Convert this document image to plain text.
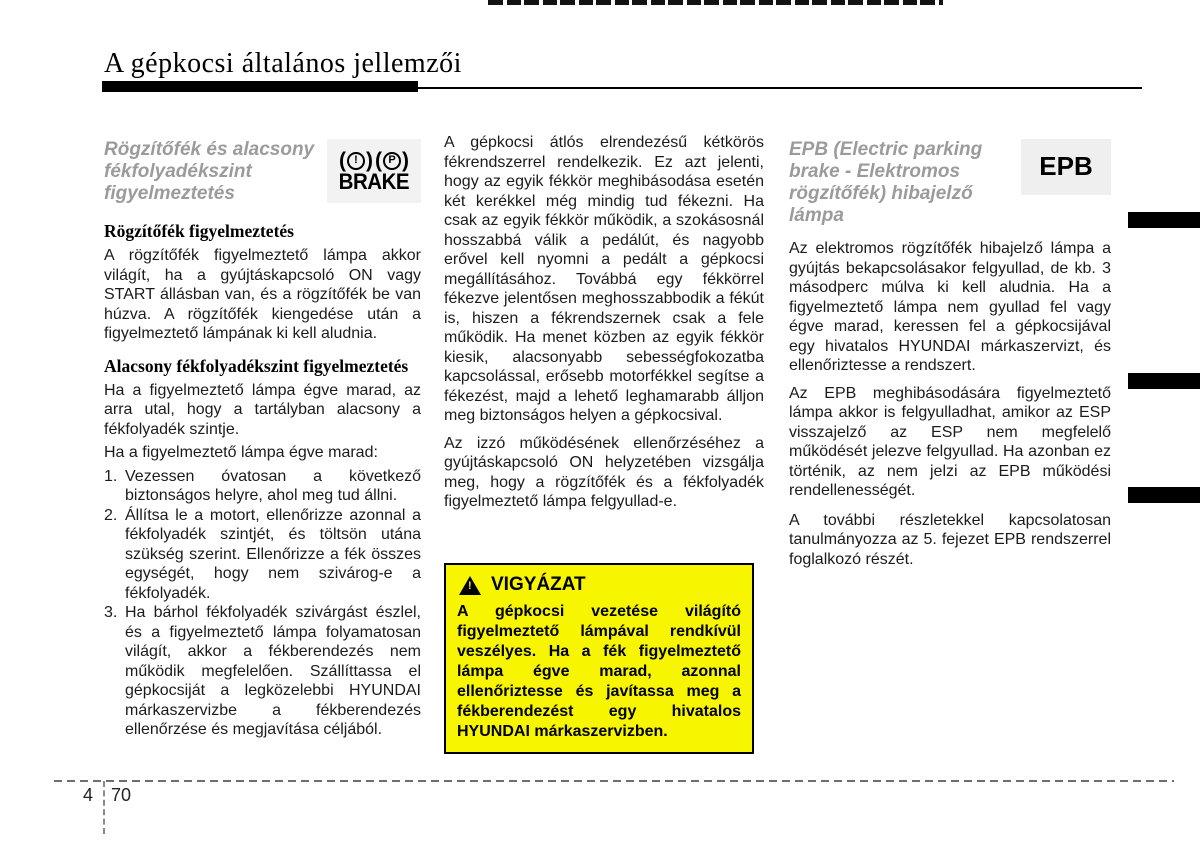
A gépkocsi általános jellemzői
Rögzítőfék és alacsony fékfolyadékszint figyelmeztetés
( !
)	( P
)
BRAKE
Rögzítőfék figyelmeztetés

A rögzítőfék figyelmeztető lámpa akkor világít, ha a gyújtáskapcsoló ON vagy START állásban van, és a rögzítőfék be van húzva. A rögzítőfék kiengedése után a figyelmeztető lámpának ki kell aludnia.

Alacsony fékfolyadékszint figyelmeztetés

Ha a figyelmeztető lámpa égve marad, az arra utal, hogy a tartályban alacsony a fékfolyadék szintje.

Ha a figyelmeztető lámpa égve marad:

1. Vezessen óvatosan a következő biztonságos helyre, ahol meg tud állni.
2. Állítsa le a motort, ellenőrizze azonnal a fékfolyadék szintjét, és töltsön utána szükség szerint. Ellenőrizze a fék összes egységét, hogy nem szivárog-e a fékfolyadék.
3. Ha bárhol fékfolyadék szivárgást észlel, és a figyelmeztető lámpa folyamatosan világít, akkor a fékberendezés nem működik megfelelően. Szállíttassa el gépkocsiját a legközelebbi HYUNDAI márkaszervizbe a fékberendezés ellenőrzése és megjavítása céljából.

A gépkocsi átlós elrendezésű kétkörös fékrendszerrel rendelkezik. Ez azt jelenti, hogy az egyik fékkör meghibásodása esetén két kerékkel még mindig tud fékezni. Ha csak az egyik fékkör működik, a szokásosnál hosszabbá válik a pedálút, és nagyobb erővel kell nyomni a pedált a gépkocsi megállításához. Továbbá egy fékkörrel fékezve jelentősen meghosszabbodik a fékút is, hiszen a fékrendszernek csak a fele működik. Ha menet közben az egyik fékkör kiesik, alacsonyabb sebességfokozatba kapcsolással, erősebb motorfékkel segítse a fékezést, majd a lehető leghamarabb álljon meg biztonságos helyen a gépkocsival.

Az izzó működésének ellenőrzéséhez a gyújtáskapcsoló ON helyzetében vizsgálja meg, hogy a rögzítőfék és a fékfolyadék figyelmeztető lámpa felgyullad-e.

! VIGYÁZAT
A gépkocsi vezetése világító figyelmeztető lámpával rendkívül veszélyes. Ha a fék figyelmeztető lámpa égve marad, azonnal ellenőriztesse és javítassa meg a fékberendezést egy hivatalos HYUNDAI márkaszervizben.
EPB (Electric parking brake - Elektromos rögzítőfék) hibajelző lámpa
EPB

Az elektromos rögzítőfék hibajelző lámpa a gyújtás bekapcsolásakor felgyullad, de kb. 3 másodperc múlva ki kell aludnia. Ha a figyelmeztető lámpa nem gyullad fel vagy égve marad, keressen fel a gépkocsijával egy hivatalos HYUNDAI márkaszervizt, és ellenőriztesse a rendszert.

Az EPB meghibásodására figyelmeztető lámpa akkor is felgyulladhat, amikor az ESP visszajelző az ESP nem megfelelő működését jelezve felgyullad. Ha azonban ez történik, az nem jelzi az EPB működési rendellenességét.

A további részletekkel kapcsolatosan tanulmányozza az 5. fejezet EPB rendszerrel foglalkozó részét.

4 70
